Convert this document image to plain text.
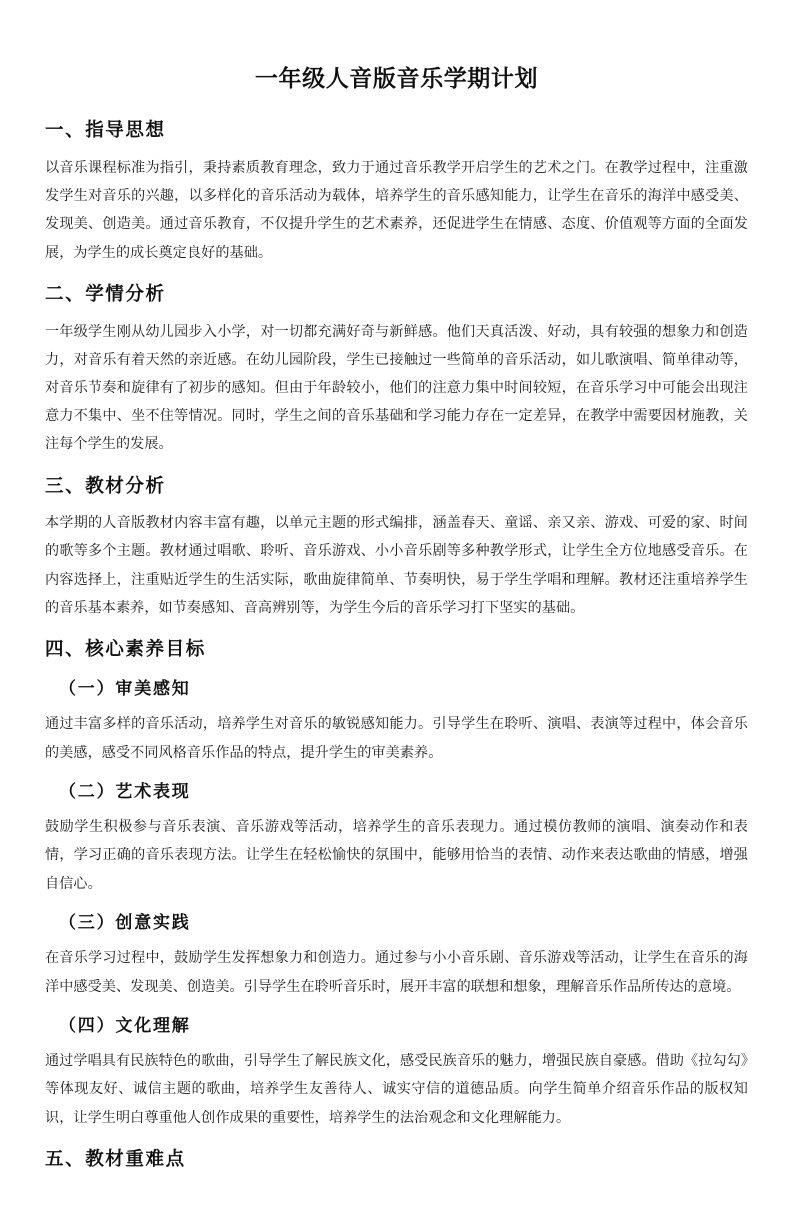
一年级人音版音乐学期计划
一、指导思想

以音乐课程标准为指引，秉持素质教育理念，致力于通过音乐教学开启学生的艺术之门。在教学过程中，注重激发学生对音乐的兴趣，以多样化的音乐活动为载体，培养学生的音乐感知能力，让学生在音乐的海洋中感受美、发现美、创造美。通过音乐教育，不仅提升学生的艺术素养，还促进学生在情感、态度、价值观等方面的全面发展，为学生的成长奠定良好的基础。

二、学情分析

一年级学生刚从幼儿园步入小学，对一切都充满好奇与新鲜感。他们天真活泼、好动，具有较强的想象力和创造力，对音乐有着天然的亲近感。在幼儿园阶段，学生已接触过一些简单的音乐活动，如儿歌演唱、简单律动等，对音乐节奏和旋律有了初步的感知。但由于年龄较小，他们的注意力集中时间较短，在音乐学习中可能会出现注意力不集中、坐不住等情况。同时，学生之间的音乐基础和学习能力存在一定差异，在教学中需要因材施教，关注每个学生的发展。

三、教材分析

本学期的人音版教材内容丰富有趣，以单元主题的形式编排，涵盖春天、童谣、亲又亲、游戏、可爱的家、时间的歌等多个主题。教材通过唱歌、聆听、音乐游戏、小小音乐剧等多种教学形式，让学生全方位地感受音乐。在内容选择上，注重贴近学生的生活实际，歌曲旋律简单、节奏明快，易于学生学唱和理解。教材还注重培养学生的音乐基本素养，如节奏感知、音高辨别等，为学生今后的音乐学习打下坚实的基础。

四、核心素养目标
（一）审美感知

通过丰富多样的音乐活动，培养学生对音乐的敏锐感知能力。引导学生在聆听、演唱、表演等过程中，体会音乐的美感，感受不同风格音乐作品的特点，提升学生的审美素养。

（二）艺术表现

鼓励学生积极参与音乐表演、音乐游戏等活动，培养学生的音乐表现力。通过模仿教师的演唱、演奏动作和表情，学习正确的音乐表现方法。让学生在轻松愉快的氛围中，能够用恰当的表情、动作来表达歌曲的情感，增强自信心。

（三）创意实践

在音乐学习过程中，鼓励学生发挥想象力和创造力。通过参与小小音乐剧、音乐游戏等活动，让学生在音乐的海洋中感受美、发现美、创造美。引导学生在聆听音乐时，展开丰富的联想和想象，理解音乐作品所传达的意境。

（四）文化理解

通过学唱具有民族特色的歌曲，引导学生了解民族文化，感受民族音乐的魅力，增强民族自豪感。借助《拉勾勾》等体现友好、诚信主题的歌曲，培养学生友善待人、诚实守信的道德品质。向学生简单介绍音乐作品的版权知识，让学生明白尊重他人创作成果的重要性，培养学生的法治观念和文化理解能力。

五、教材重难点
